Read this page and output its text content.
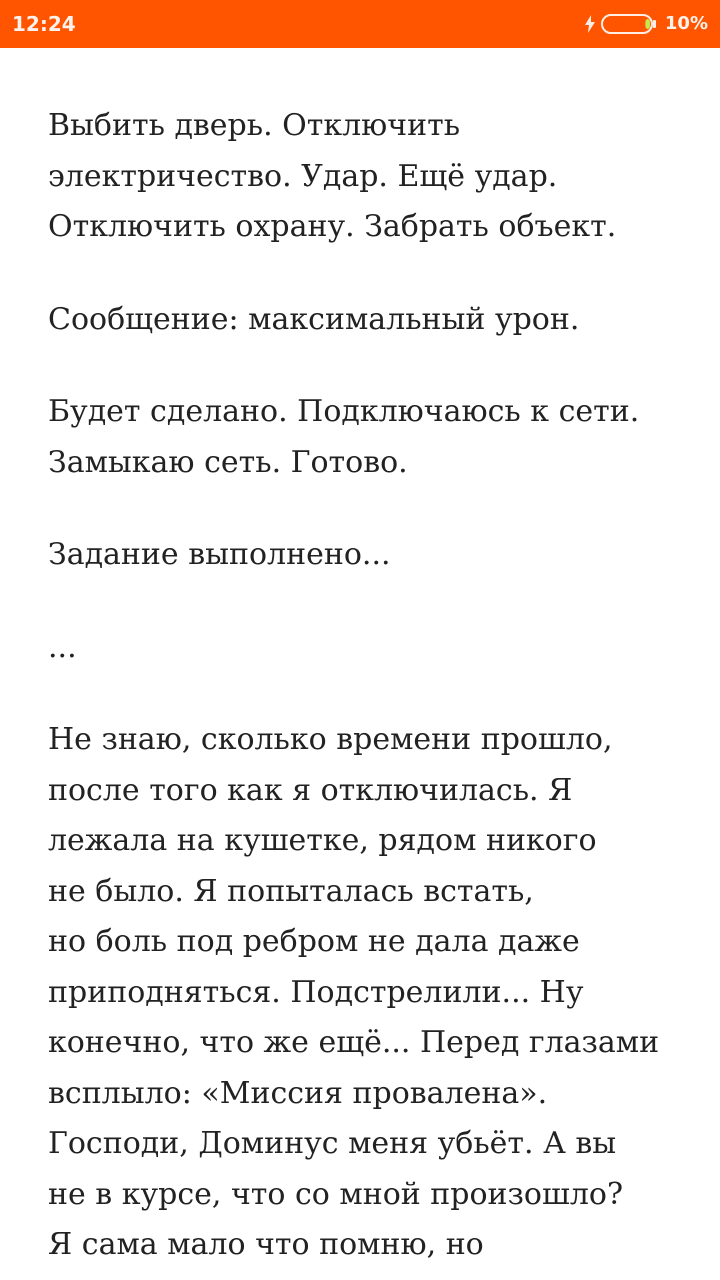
12:24	10%

Выбить дверь. Отключить
электричество. Удар. Ещё удар.
Отключить охрану. Забрать объект.

Сообщение: максимальный урон.

Будет сделано. Подключаюсь к сети.
Замыкаю сеть. Готово.

Задание выполнено...

...

Не знаю, сколько времени прошло,
после того как я отключилась. Я
лежала на кушетке, рядом никого
не было. Я попыталась встать,
но боль под ребром не дала даже
приподняться. Подстрелили... Ну
конечно, что же ещё... Перед глазами
всплыло: «Миссия провалена».
Господи, Доминус меня убьёт. А вы
не в курсе, что со мной произошло?
Я сама мало что помню, но
